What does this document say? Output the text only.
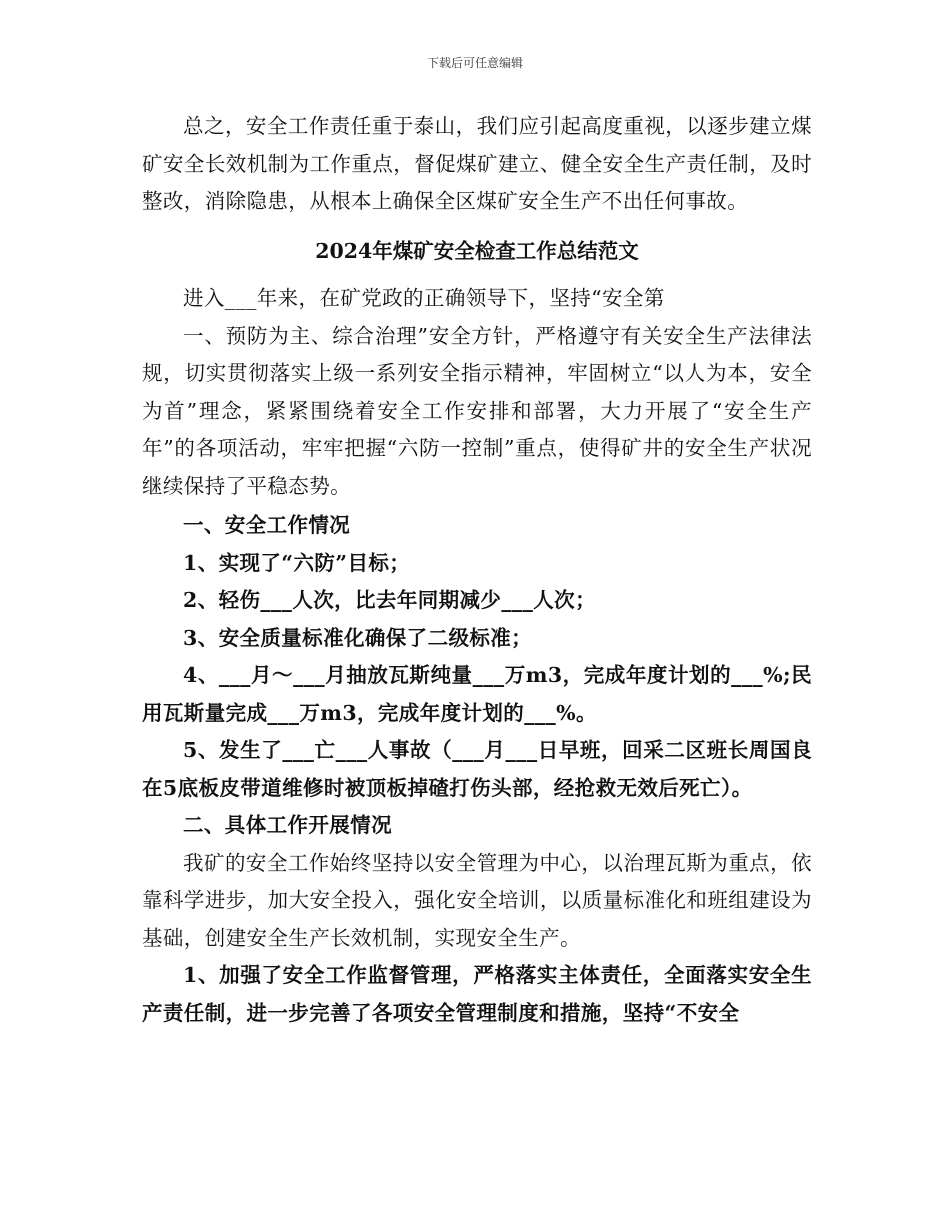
下载后可任意编辑

总之，安全工作责任重于泰山，我们应引起高度重视，以逐步建立煤矿安全长效机制为工作重点，督促煤矿建立、健全安全生产责任制，及时整改，消除隐患，从根本上确保全区煤矿安全生产不出任何事故。

2024年煤矿安全检查工作总结范文

进入___年来，在矿党政的正确领导下，坚持“安全第

一、预防为主、综合治理”安全方针，严格遵守有关安全生产法律法规，切实贯彻落实上级一系列安全指示精神，牢固树立“以人为本，安全为首”理念，紧紧围绕着安全工作安排和部署，大力开展了“安全生产年”的各项活动，牢牢把握“六防一控制”重点，使得矿井的安全生产状况继续保持了平稳态势。

一、安全工作情况

1、实现了“六防”目标；

2、轻伤___人次，比去年同期减少___人次；

3、安全质量标准化确保了二级标准；

4、___月～___月抽放瓦斯纯量___万m3，完成年度计划的___%;民用瓦斯量完成___万m3，完成年度计划的___%。

5、发生了___亡___人事故（___月___日早班，回采二区班长周国良在5底板皮带道维修时被顶板掉碴打伤头部，经抢救无效后死亡）。

二、具体工作开展情况

我矿的安全工作始终坚持以安全管理为中心，以治理瓦斯为重点，依靠科学进步，加大安全投入，强化安全培训，以质量标准化和班组建设为基础，创建安全生产长效机制，实现安全生产。

1、加强了安全工作监督管理，严格落实主体责任，全面落实安全生产责任制，进一步完善了各项安全管理制度和措施，坚持“不安全
